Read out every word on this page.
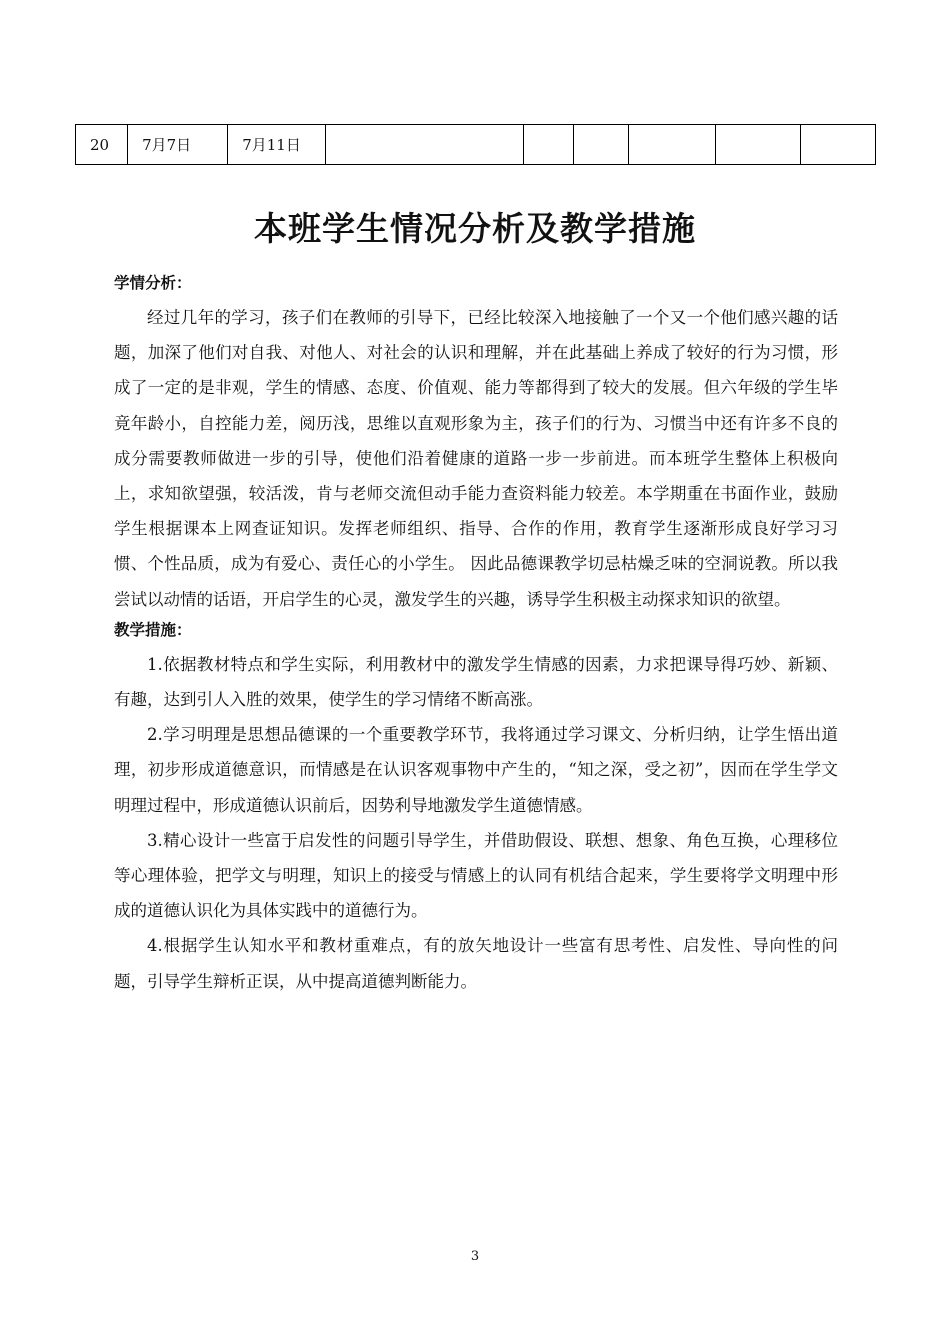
20	7月7日	7月11日						
本班学生情况分析及教学措施
学情分析：

经过几年的学习，孩子们在教师的引导下，已经比较深入地接触了一个又一个他们感兴趣的话题，加深了他们对自我、对他人、对社会的认识和理解，并在此基础上养成了较好的行为习惯，形成了一定的是非观，学生的情感、态度、价值观、能力等都得到了较大的发展。但六年级的学生毕竟年龄小，自控能力差，阅历浅，思维以直观形象为主，孩子们的行为、习惯当中还有许多不良的成分需要教师做进一步的引导，使他们沿着健康的道路一步一步前进。而本班学生整体上积极向上，求知欲望强，较活泼，肯与老师交流但动手能力查资料能力较差。本学期重在书面作业，鼓励学生根据课本上网查证知识。发挥老师组织、指导、合作的作用，教育学生逐渐形成良好学习习惯、个性品质，成为有爱心、责任心的小学生。 因此品德课教学切忌枯燥乏味的空洞说教。所以我尝试以动情的话语，开启学生的心灵，激发学生的兴趣，诱导学生积极主动探求知识的欲望。

教学措施：

1.依据教材特点和学生实际，利用教材中的激发学生情感的因素，力求把课导得巧妙、新颖、有趣，达到引人入胜的效果，使学生的学习情绪不断高涨。

2.学习明理是思想品德课的一个重要教学环节，我将通过学习课文、分析归纳，让学生悟出道理，初步形成道德意识，而情感是在认识客观事物中产生的，“知之深，受之初”，因而在学生学文明理过程中，形成道德认识前后，因势利导地激发学生道德情感。

3.精心设计一些富于启发性的问题引导学生，并借助假设、联想、想象、角色互换，心理移位等心理体验，把学文与明理，知识上的接受与情感上的认同有机结合起来，学生要将学文明理中形成的道德认识化为具体实践中的道德行为。

4.根据学生认知水平和教材重难点，有的放矢地设计一些富有思考性、启发性、导向性的问题，引导学生辩析正误，从中提高道德判断能力。

3
